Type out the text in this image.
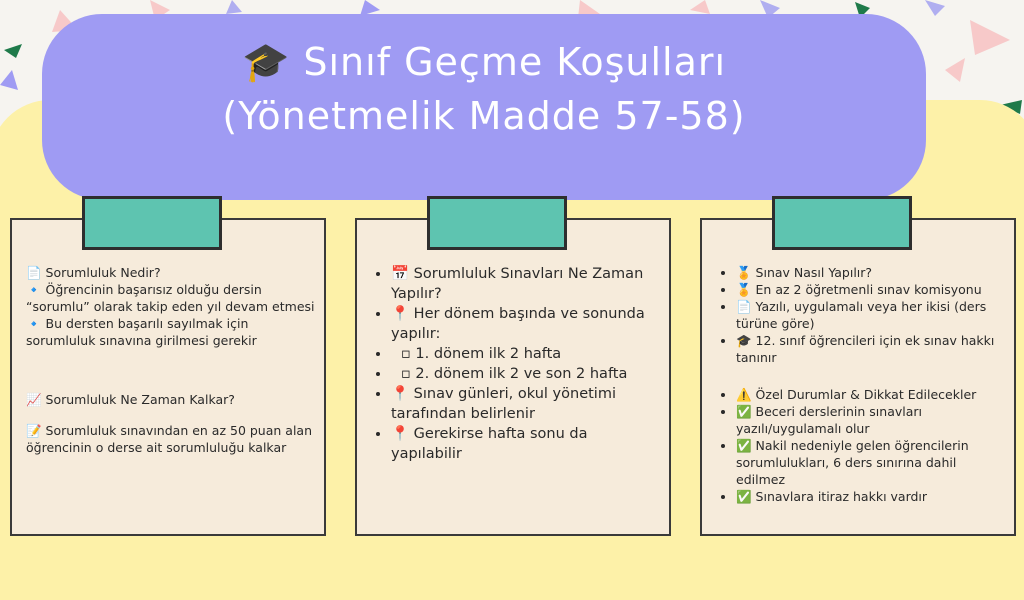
🎓 Sınıf Geçme Koşulları
(Yönetmelik Madde 57-58)
📄 Sorumluluk Nedir?
🔹 Öğrencinin başarısız olduğu dersin “sorumlu” olarak takip eden yıl devam etmesi
🔹 Bu dersten başarılı sayılmak için sorumluluk sınavına girilmesi gerekir
📈 Sorumluluk Ne Zaman Kalkar?
📝 Sorumluluk sınavından en az 50 puan alan öğrencinin o derse ait sorumluluğu kalkar
• 📅 Sorumluluk Sınavları Ne Zaman Yapılır?
• 📍 Her dönem başında ve sonunda yapılır:
• ▫ 1. dönem ilk 2 hafta
• ▫ 2. dönem ilk 2 ve son 2 hafta
• 📍 Sınav günleri, okul yönetimi tarafından belirlenir
• 📍 Gerekirse hafta sonu da yapılabilir
• 🏅 Sınav Nasıl Yapılır?
• 🏅 En az 2 öğretmenli sınav komisyonu
• 📄 Yazılı, uygulamalı veya her ikisi (ders türüne göre)
• 🎓 12. sınıf öğrencileri için ek sınav hakkı tanınır
• ⚠️ Özel Durumlar & Dikkat Edilecekler
• ✅ Beceri derslerinin sınavları yazılı/uygulamalı olur
• ✅ Nakil nedeniyle gelen öğrencilerin sorumlulukları, 6 ders sınırına dahil edilmez
• ✅ Sınavlara itiraz hakkı vardır
